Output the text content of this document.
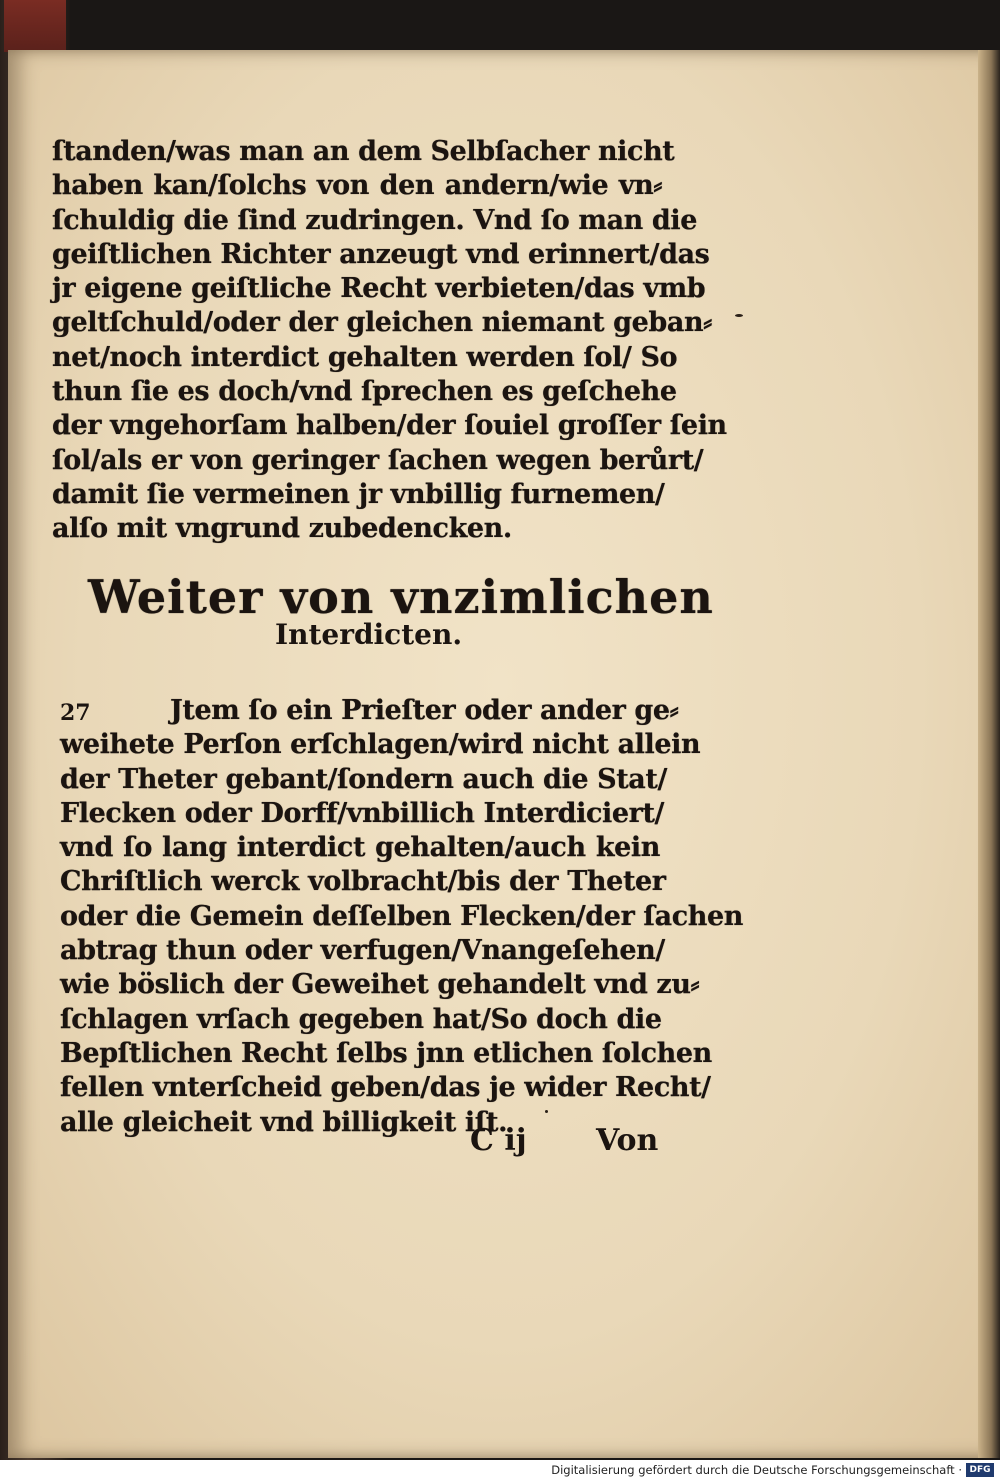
ſtanden/was man an dem Selbſacher nicht
haben kan/ſolchs von den andern/wie vn⸗
ſchuldig die ſind zudringen. Vnd ſo man die
geiſtlichen Richter anzeugt vnd erinnert/das
jr eigene geiſtliche Recht verbieten/das vmb
geltſchuld/oder der gleichen niemant geban⸗
net/noch interdict gehalten werden ſol/ So
thun ſie es doch/vnd ſprechen es geſchehe
der vngehorſam halben/der ſouiel groſſer ſein
ſol/als er von geringer ſachen wegen berůrt/
damit ſie vermeinen jr vnbillig furnemen/
alſo mit vngrund zubedencken.
Weiter von vnzimlichen
Interdicten.
27	Jtem ſo ein Prieſter oder ander ge⸗
weihete Perſon erſchlagen/wird nicht allein
der Theter gebant/ſondern auch die Stat/
Flecken oder Dorff/vnbillich Interdiciert/
vnd ſo lang interdict gehalten/auch kein
Chriſtlich werck volbracht/bis der Theter
oder die Gemein deſſelben Flecken/der ſachen
abtrag thun oder verfugen/Vnangeſehen/
wie böslich der Geweihet gehandelt vnd zu⸗
ſchlagen vrſach gegeben hat/So doch die
Bepſtlichen Recht ſelbs jnn etlichen ſolchen
fellen vnterſcheid geben/das je wider Recht/
alle gleicheit vnd billigkeit iſt.
C ij Von
Digitalisierung gefördert durch die Deutsche Forschungsgemeinschaft · DFG
